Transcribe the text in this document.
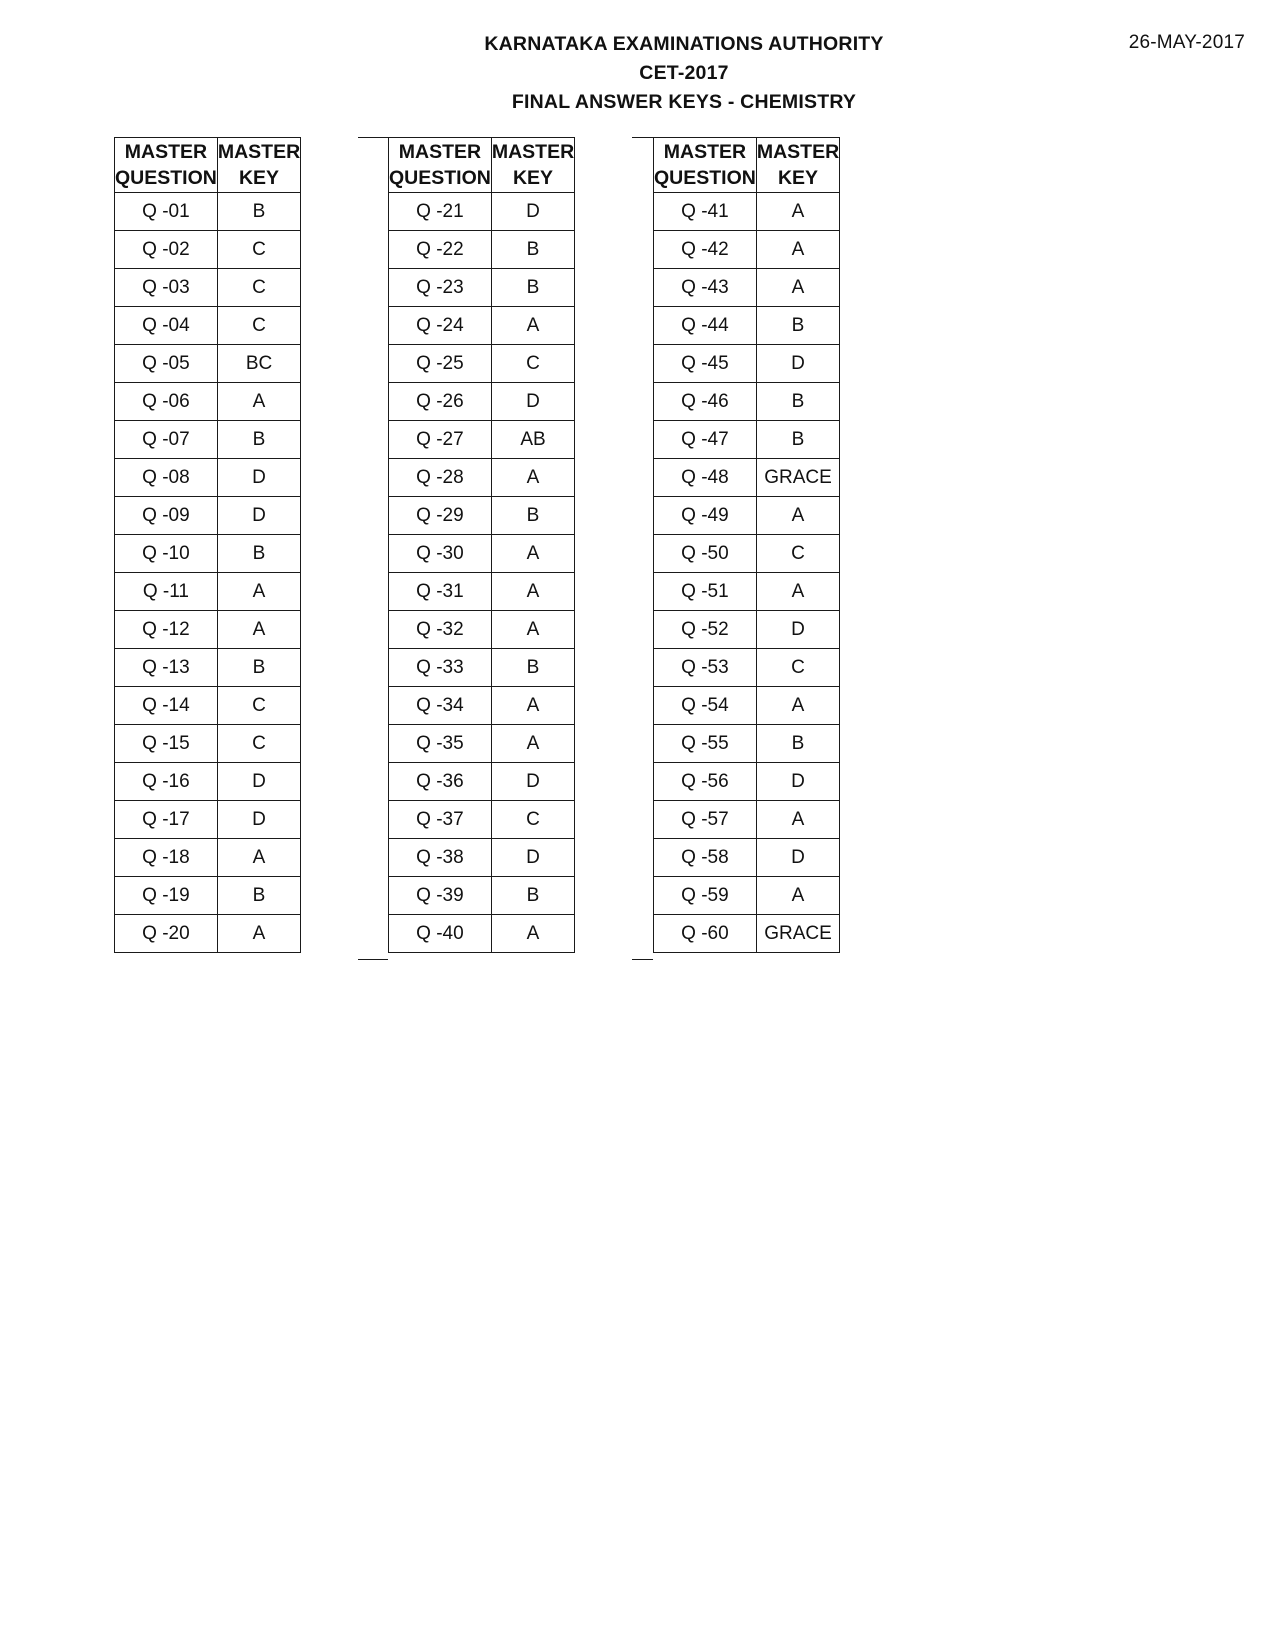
26-MAY-2017
KARNATAKA EXAMINATIONS AUTHORITY
CET-2017
FINAL ANSWER KEYS - CHEMISTRY
MASTER
QUESTION	MASTER
KEY
Q -01	B
Q -02	C
Q -03	C
Q -04	C
Q -05	BC
Q -06	A
Q -07	B
Q -08	D
Q -09	D
Q -10	B
Q -11	A
Q -12	A
Q -13	B
Q -14	C
Q -15	C
Q -16	D
Q -17	D
Q -18	A
Q -19	B
Q -20	A
MASTER
QUESTION	MASTER
KEY
Q -21	D
Q -22	B
Q -23	B
Q -24	A
Q -25	C
Q -26	D
Q -27	AB
Q -28	A
Q -29	B
Q -30	A
Q -31	A
Q -32	A
Q -33	B
Q -34	A
Q -35	A
Q -36	D
Q -37	C
Q -38	D
Q -39	B
Q -40	A
MASTER
QUESTION	MASTER
KEY
Q -41	A
Q -42	A
Q -43	A
Q -44	B
Q -45	D
Q -46	B
Q -47	B
Q -48	GRACE
Q -49	A
Q -50	C
Q -51	A
Q -52	D
Q -53	C
Q -54	A
Q -55	B
Q -56	D
Q -57	A
Q -58	D
Q -59	A
Q -60	GRACE
